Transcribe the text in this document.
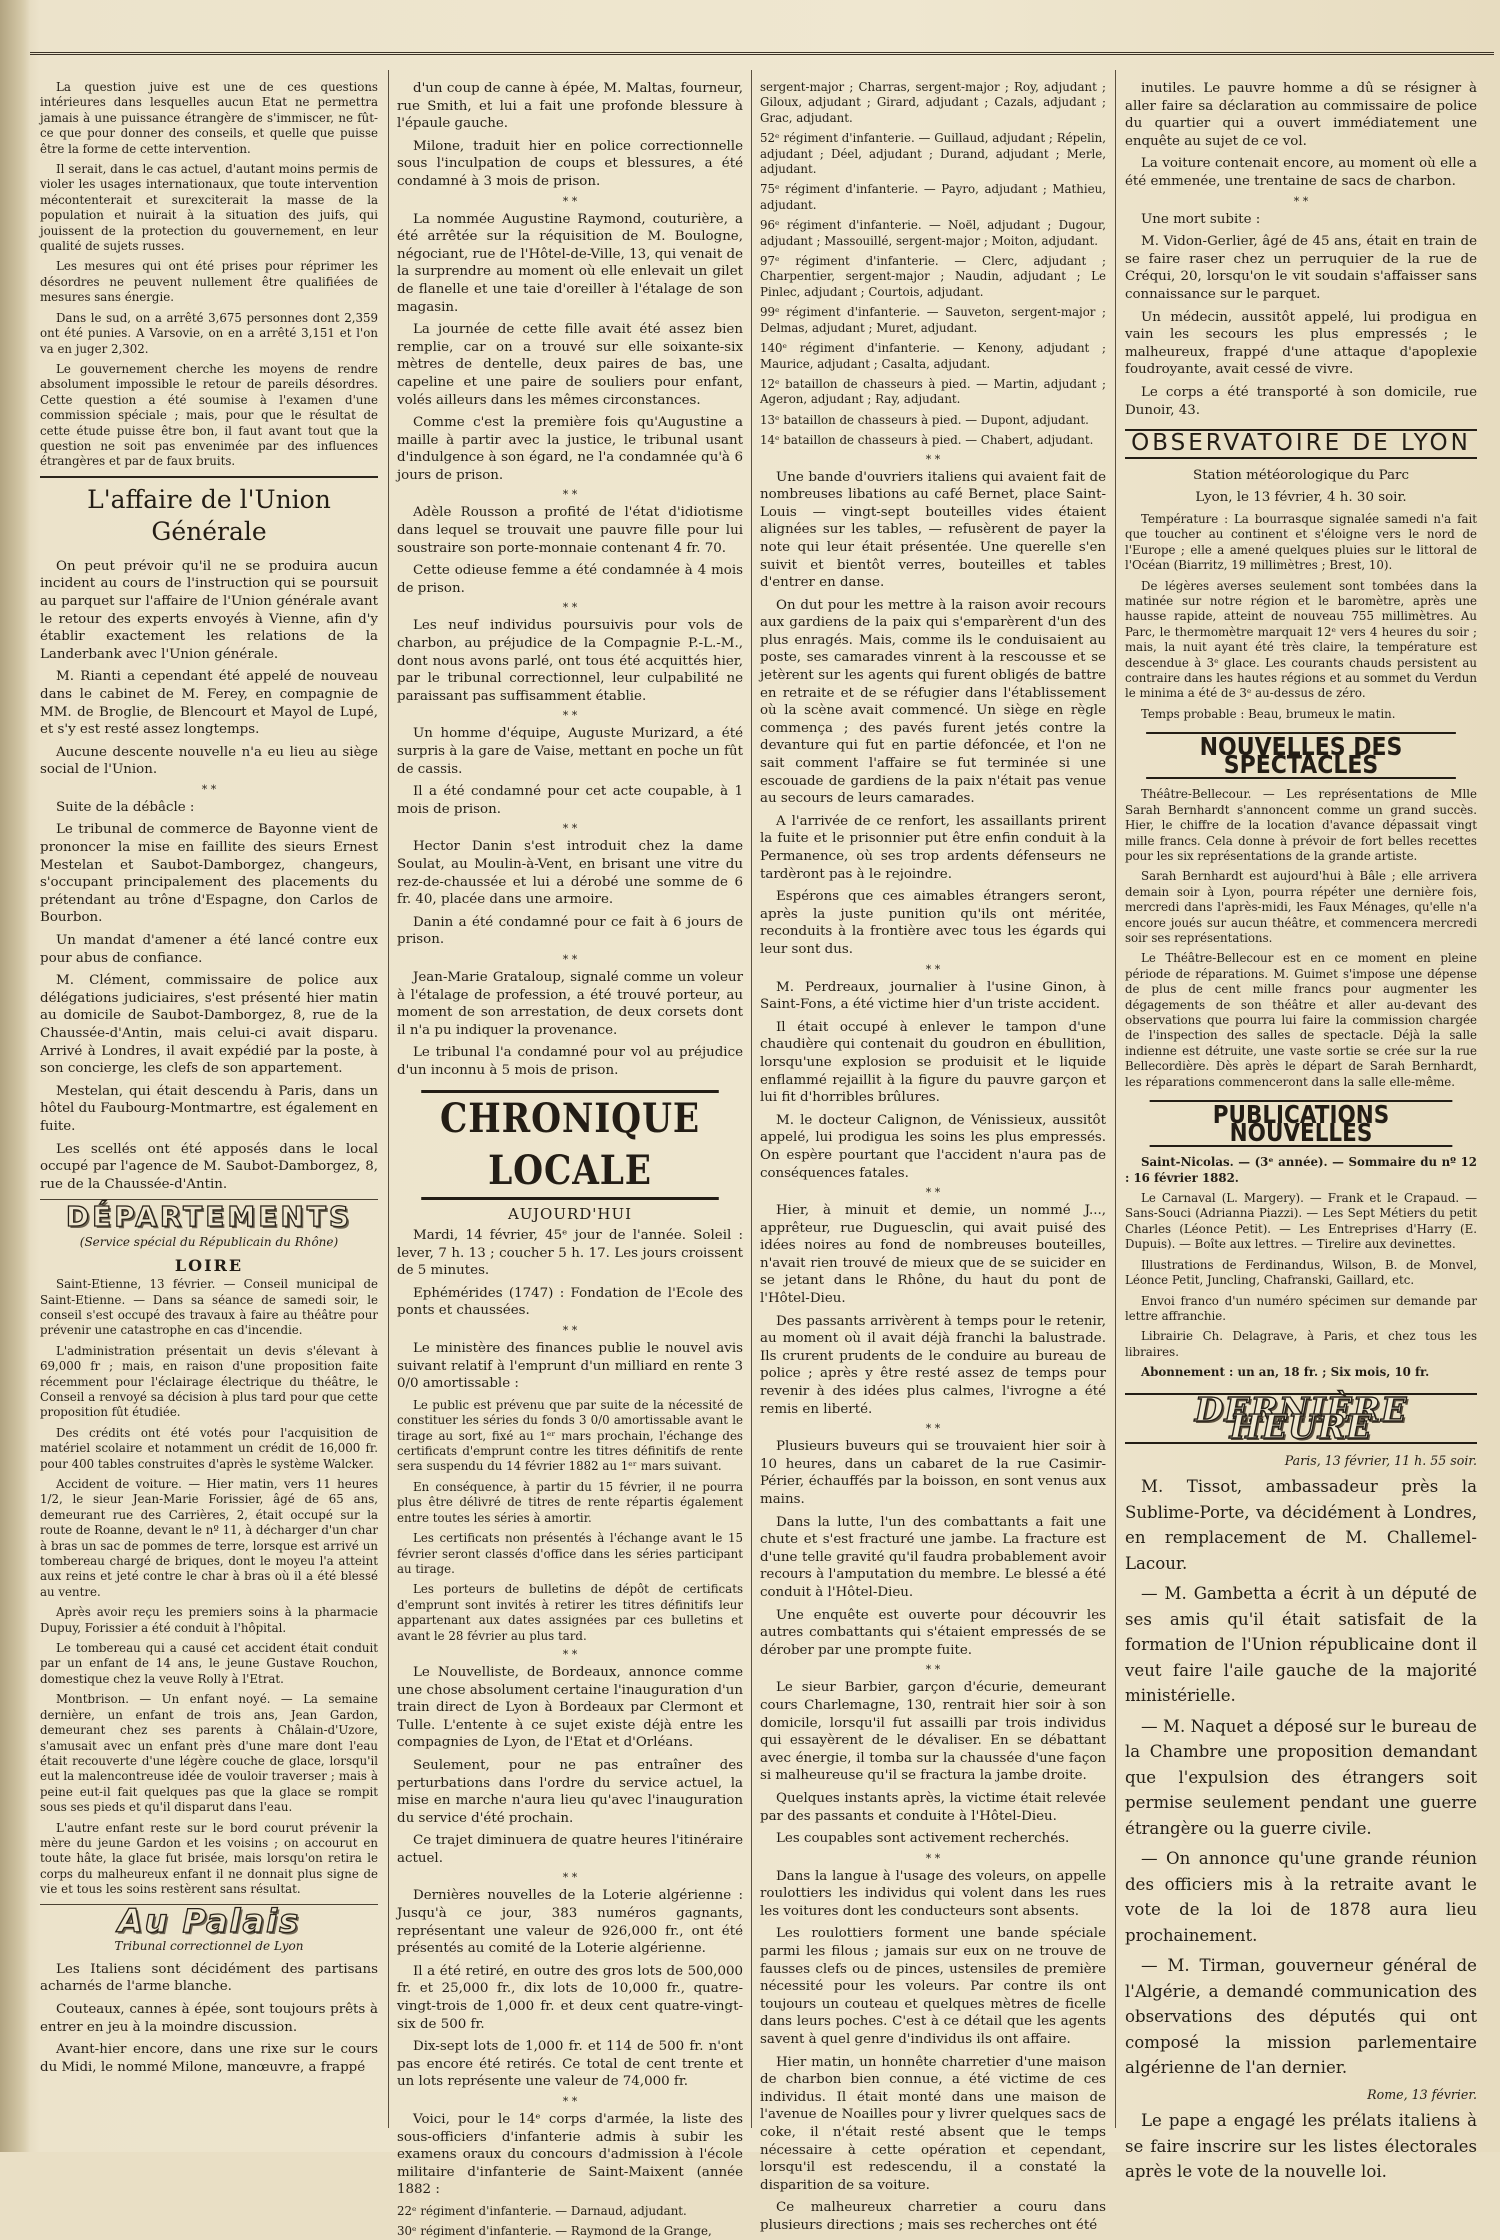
La question juive est une de ces questions intérieures dans lesquelles aucun Etat ne permettra jamais à une puissance étrangère de s'immiscer, ne fût-ce que pour donner des conseils, et quelle que puisse être la forme de cette intervention.

Il serait, dans le cas actuel, d'autant moins permis de violer les usages internationaux, que toute intervention mécontenterait et surexciterait la masse de la population et nuirait à la situation des juifs, qui jouissent de la protection du gouvernement, en leur qualité de sujets russes.

Les mesures qui ont été prises pour réprimer les désordres ne peuvent nullement être qualifiées de mesures sans énergie.

Dans le sud, on a arrêté 3,675 personnes dont 2,359 ont été punies. A Varsovie, on en a arrêté 3,151 et l'on va en juger 2,302.

Le gouvernement cherche les moyens de rendre absolument impossible le retour de pareils désordres. Cette question a été soumise à l'examen d'une commission spéciale ; mais, pour que le résultat de cette étude puisse être bon, il faut avant tout que la question ne soit pas envenimée par des influences étrangères et par de faux bruits.

L'affaire de l'Union Générale

On peut prévoir qu'il ne se produira aucun incident au cours de l'instruction qui se poursuit au parquet sur l'affaire de l'Union générale avant le retour des experts envoyés à Vienne, afin d'y établir exactement les relations de la Landerbank avec l'Union générale.

M. Rianti a cependant été appelé de nouveau dans le cabinet de M. Ferey, en compagnie de MM. de Broglie, de Blencourt et Mayol de Lupé, et s'y est resté assez longtemps.

Aucune descente nouvelle n'a eu lieu au siège social de l'Union.

* *

Suite de la débâcle :

Le tribunal de commerce de Bayonne vient de prononcer la mise en faillite des sieurs Ernest Mestelan et Saubot-Damborgez, changeurs, s'occupant principalement des placements du prétendant au trône d'Espagne, don Carlos de Bourbon.

Un mandat d'amener a été lancé contre eux pour abus de confiance.

M. Clément, commissaire de police aux délégations judiciaires, s'est présenté hier matin au domicile de Saubot-Damborgez, 8, rue de la Chaussée-d'Antin, mais celui-ci avait disparu. Arrivé à Londres, il avait expédié par la poste, à son concierge, les clefs de son appartement.

Mestelan, qui était descendu à Paris, dans un hôtel du Faubourg-Montmartre, est également en fuite.

Les scellés ont été apposés dans le local occupé par l'agence de M. Saubot-Damborgez, 8, rue de la Chaussée-d'Antin.

DÉPARTEMENTS

(Service spécial du Républicain du Rhône)

LOIRE

Saint-Etienne, 13 février. — Conseil municipal de Saint-Etienne. — Dans sa séance de samedi soir, le conseil s'est occupé des travaux à faire au théâtre pour prévenir une catastrophe en cas d'incendie.

L'administration présentait un devis s'élevant à 69,000 fr ; mais, en raison d'une proposition faite récemment pour l'éclairage électrique du théâtre, le Conseil a renvoyé sa décision à plus tard pour que cette proposition fût étudiée.

Des crédits ont été votés pour l'acquisition de matériel scolaire et notamment un crédit de 16,000 fr. pour 400 tables construites d'après le système Walcker.

Accident de voiture. — Hier matin, vers 11 heures 1/2, le sieur Jean-Marie Forissier, âgé de 65 ans, demeurant rue des Carrières, 2, était occupé sur la route de Roanne, devant le nº 11, à décharger d'un char à bras un sac de pommes de terre, lorsque est arrivé un tombereau chargé de briques, dont le moyeu l'a atteint aux reins et jeté contre le char à bras où il a été blessé au ventre.

Après avoir reçu les premiers soins à la pharmacie Dupuy, Forissier a été conduit à l'hôpital.

Le tombereau qui a causé cet accident était conduit par un enfant de 14 ans, le jeune Gustave Rouchon, domestique chez la veuve Rolly à l'Etrat.

Montbrison. — Un enfant noyé. — La semaine dernière, un enfant de trois ans, Jean Gardon, demeurant chez ses parents à Châlain-d'Uzore, s'amusait avec un enfant près d'une mare dont l'eau était recouverte d'une légère couche de glace, lorsqu'il eut la malencontreuse idée de vouloir traverser ; mais à peine eut-il fait quelques pas que la glace se rompit sous ses pieds et qu'il disparut dans l'eau.

L'autre enfant reste sur le bord courut prévenir la mère du jeune Gardon et les voisins ; on accourut en toute hâte, la glace fut brisée, mais lorsqu'on retira le corps du malheureux enfant il ne donnait plus signe de vie et tous les soins restèrent sans résultat.

Au Palais

Tribunal correctionnel de Lyon

Les Italiens sont décidément des partisans acharnés de l'arme blanche.

Couteaux, cannes à épée, sont toujours prêts à entrer en jeu à la moindre discussion.

Avant-hier encore, dans une rixe sur le cours du Midi, le nommé Milone, manœuvre, a frappé

d'un coup de canne à épée, M. Maltas, fourneur, rue Smith, et lui a fait une profonde blessure à l'épaule gauche.

Milone, traduit hier en police correctionnelle sous l'inculpation de coups et blessures, a été condamné à 3 mois de prison.

* *

La nommée Augustine Raymond, couturière, a été arrêtée sur la réquisition de M. Boulogne, négociant, rue de l'Hôtel-de-Ville, 13, qui venait de la surprendre au moment où elle enlevait un gilet de flanelle et une taie d'oreiller à l'étalage de son magasin.

La journée de cette fille avait été assez bien remplie, car on a trouvé sur elle soixante-six mètres de dentelle, deux paires de bas, une capeline et une paire de souliers pour enfant, volés ailleurs dans les mêmes circonstances.

Comme c'est la première fois qu'Augustine a maille à partir avec la justice, le tribunal usant d'indulgence à son égard, ne l'a condamnée qu'à 6 jours de prison.

* *

Adèle Rousson a profité de l'état d'idiotisme dans lequel se trouvait une pauvre fille pour lui soustraire son porte-monnaie contenant 4 fr. 70.

Cette odieuse femme a été condamnée à 4 mois de prison.

* *

Les neuf individus poursuivis pour vols de charbon, au préjudice de la Compagnie P.-L.-M., dont nous avons parlé, ont tous été acquittés hier, par le tribunal correctionnel, leur culpabilité ne paraissant pas suffisamment établie.

* *

Un homme d'équipe, Auguste Murizard, a été surpris à la gare de Vaise, mettant en poche un fût de cassis.

Il a été condamné pour cet acte coupable, à 1 mois de prison.

* *

Hector Danin s'est introduit chez la dame Soulat, au Moulin-à-Vent, en brisant une vitre du rez-de-chaussée et lui a dérobé une somme de 6 fr. 40, placée dans une armoire.

Danin a été condamné pour ce fait à 6 jours de prison.

* *

Jean-Marie Grataloup, signalé comme un voleur à l'étalage de profession, a été trouvé porteur, au moment de son arrestation, de deux corsets dont il n'a pu indiquer la provenance.

Le tribunal l'a condamné pour vol au préjudice d'un inconnu à 5 mois de prison.

CHRONIQUE LOCALE

AUJOURD'HUI

Mardi, 14 février, 45ᵉ jour de l'année. Soleil : lever, 7 h. 13 ; coucher 5 h. 17. Les jours croissent de 5 minutes.

Ephémérides (1747) : Fondation de l'Ecole des ponts et chaussées.

* *

Le ministère des finances publie le nouvel avis suivant relatif à l'emprunt d'un milliard en rente 3 0/0 amortissable :

Le public est prévenu que par suite de la nécessité de constituer les séries du fonds 3 0/0 amortissable avant le tirage au sort, fixé au 1ᵉʳ mars prochain, l'échange des certificats d'emprunt contre les titres définitifs de rente sera suspendu du 14 février 1882 au 1ᵉʳ mars suivant.

En conséquence, à partir du 15 février, il ne pourra plus être délivré de titres de rente répartis également entre toutes les séries à amortir.

Les certificats non présentés à l'échange avant le 15 février seront classés d'office dans les séries participant au tirage.

Les porteurs de bulletins de dépôt de certificats d'emprunt sont invités à retirer les titres définitifs leur appartenant aux dates assignées par ces bulletins et avant le 28 février au plus tard.

* *

Le Nouvelliste, de Bordeaux, annonce comme une chose absolument certaine l'inauguration d'un train direct de Lyon à Bordeaux par Clermont et Tulle. L'entente à ce sujet existe déjà entre les compagnies de Lyon, de l'Etat et d'Orléans.

Seulement, pour ne pas entraîner des perturbations dans l'ordre du service actuel, la mise en marche n'aura lieu qu'avec l'inauguration du service d'été prochain.

Ce trajet diminuera de quatre heures l'itinéraire actuel.

* *

Dernières nouvelles de la Loterie algérienne : Jusqu'à ce jour, 383 numéros gagnants, représentant une valeur de 926,000 fr., ont été présentés au comité de la Loterie algérienne.

Il a été retiré, en outre des gros lots de 500,000 fr. et 25,000 fr., dix lots de 10,000 fr., quatre-vingt-trois de 1,000 fr. et deux cent quatre-vingt-six de 500 fr.

Dix-sept lots de 1,000 fr. et 114 de 500 fr. n'ont pas encore été retirés. Ce total de cent trente et un lots représente une valeur de 74,000 fr.

* *

Voici, pour le 14ᵉ corps d'armée, la liste des sous-officiers d'infanterie admis à subir les examens oraux du concours d'admission à l'école militaire d'infanterie de Saint-Maixent (année 1882 :

22ᵉ régiment d'infanterie. — Darnaud, adjudant.

30ᵉ régiment d'infanterie. — Raymond de la Grange,

sergent-major ; Charras, sergent-major ; Roy, adjudant ; Giloux, adjudant ; Girard, adjudant ; Cazals, adjudant ; Grac, adjudant.

52ᵉ régiment d'infanterie. — Guillaud, adjudant ; Répelin, adjudant ; Déel, adjudant ; Durand, adjudant ; Merle, adjudant.

75ᵉ régiment d'infanterie. — Payro, adjudant ; Mathieu, adjudant.

96ᵉ régiment d'infanterie. — Noël, adjudant ; Dugour, adjudant ; Massouillé, sergent-major ; Moiton, adjudant.

97ᵉ régiment d'infanterie. — Clerc, adjudant ; Charpentier, sergent-major ; Naudin, adjudant ; Le Pinlec, adjudant ; Courtois, adjudant.

99ᵉ régiment d'infanterie. — Sauveton, sergent-major ; Delmas, adjudant ; Muret, adjudant.

140ᵉ régiment d'infanterie. — Kenony, adjudant ; Maurice, adjudant ; Casalta, adjudant.

12ᵉ bataillon de chasseurs à pied. — Martin, adjudant ; Ageron, adjudant ; Ray, adjudant.

13ᵉ bataillon de chasseurs à pied. — Dupont, adjudant.

14ᵉ bataillon de chasseurs à pied. — Chabert, adjudant.

* *

Une bande d'ouvriers italiens qui avaient fait de nombreuses libations au café Bernet, place Saint-Louis — vingt-sept bouteilles vides étaient alignées sur les tables, — refusèrent de payer la note qui leur était présentée. Une querelle s'en suivit et bientôt verres, bouteilles et tables d'entrer en danse.

On dut pour les mettre à la raison avoir recours aux gardiens de la paix qui s'emparèrent d'un des plus enragés. Mais, comme ils le conduisaient au poste, ses camarades vinrent à la rescousse et se jetèrent sur les agents qui furent obligés de battre en retraite et de se réfugier dans l'établissement où la scène avait commencé. Un siège en règle commença ; des pavés furent jetés contre la devanture qui fut en partie défoncée, et l'on ne sait comment l'affaire se fut terminée si une escouade de gardiens de la paix n'était pas venue au secours de leurs camarades.

A l'arrivée de ce renfort, les assaillants prirent la fuite et le prisonnier put être enfin conduit à la Permanence, où ses trop ardents défenseurs ne tardèront pas à le rejoindre.

Espérons que ces aimables étrangers seront, après la juste punition qu'ils ont méritée, reconduits à la frontière avec tous les égards qui leur sont dus.

* *

M. Perdreaux, journalier à l'usine Ginon, à Saint-Fons, a été victime hier d'un triste accident.

Il était occupé à enlever le tampon d'une chaudière qui contenait du goudron en ébullition, lorsqu'une explosion se produisit et le liquide enflammé rejaillit à la figure du pauvre garçon et lui fit d'horribles brûlures.

M. le docteur Calignon, de Vénissieux, aussitôt appelé, lui prodigua les soins les plus empressés. On espère pourtant que l'accident n'aura pas de conséquences fatales.

* *

Hier, à minuit et demie, un nommé J..., apprêteur, rue Duguesclin, qui avait puisé des idées noires au fond de nombreuses bouteilles, n'avait rien trouvé de mieux que de se suicider en se jetant dans le Rhône, du haut du pont de l'Hôtel-Dieu.

Des passants arrivèrent à temps pour le retenir, au moment où il avait déjà franchi la balustrade. Ils crurent prudents de le conduire au bureau de police ; après y être resté assez de temps pour revenir à des idées plus calmes, l'ivrogne a été remis en liberté.

* *

Plusieurs buveurs qui se trouvaient hier soir à 10 heures, dans un cabaret de la rue Casimir-Périer, échauffés par la boisson, en sont venus aux mains.

Dans la lutte, l'un des combattants a fait une chute et s'est fracturé une jambe. La fracture est d'une telle gravité qu'il faudra probablement avoir recours à l'amputation du membre. Le blessé a été conduit à l'Hôtel-Dieu.

Une enquête est ouverte pour découvrir les autres combattants qui s'étaient empressés de se dérober par une prompte fuite.

* *

Le sieur Barbier, garçon d'écurie, demeurant cours Charlemagne, 130, rentrait hier soir à son domicile, lorsqu'il fut assailli par trois individus qui essayèrent de le dévaliser. En se débattant avec énergie, il tomba sur la chaussée d'une façon si malheureuse qu'il se fractura la jambe droite.

Quelques instants après, la victime était relevée par des passants et conduite à l'Hôtel-Dieu.

Les coupables sont activement recherchés.

* *

Dans la langue à l'usage des voleurs, on appelle roulottiers les individus qui volent dans les rues les voitures dont les conducteurs sont absents.

Les roulottiers forment une bande spéciale parmi les filous ; jamais sur eux on ne trouve de fausses clefs ou de pinces, ustensiles de première nécessité pour les voleurs. Par contre ils ont toujours un couteau et quelques mètres de ficelle dans leurs poches. C'est à ce détail que les agents savent à quel genre d'individus ils ont affaire.

Hier matin, un honnête charretier d'une maison de charbon bien connue, a été victime de ces individus. Il était monté dans une maison de l'avenue de Noailles pour y livrer quelques sacs de coke, il n'était resté absent que le temps nécessaire à cette opération et cependant, lorsqu'il est redescendu, il a constaté la disparition de sa voiture.

Ce malheureux charretier a couru dans plusieurs directions ; mais ses recherches ont été

inutiles. Le pauvre homme a dû se résigner à aller faire sa déclaration au commissaire de police du quartier qui a ouvert immédiatement une enquête au sujet de ce vol.

La voiture contenait encore, au moment où elle a été emmenée, une trentaine de sacs de charbon.

* *

Une mort subite :

M. Vidon-Gerlier, âgé de 45 ans, était en train de se faire raser chez un perruquier de la rue de Créqui, 20, lorsqu'on le vit soudain s'affaisser sans connaissance sur le parquet.

Un médecin, aussitôt appelé, lui prodigua en vain les secours les plus empressés ; le malheureux, frappé d'une attaque d'apoplexie foudroyante, avait cessé de vivre.

Le corps a été transporté à son domicile, rue Dunoir, 43.

OBSERVATOIRE DE LYON

Station météorologique du Parc

Lyon, le 13 février, 4 h. 30 soir.

Température : La bourrasque signalée samedi n'a fait que toucher au continent et s'éloigne vers le nord de l'Europe ; elle a amené quelques pluies sur le littoral de l'Océan (Biarritz, 19 millimètres ; Brest, 10).

De légères averses seulement sont tombées dans la matinée sur notre région et le baromètre, après une hausse rapide, atteint de nouveau 755 millimètres. Au Parc, le thermomètre marquait 12ᵉ vers 4 heures du soir ; mais, la nuit ayant été très claire, la température est descendue à 3ᵉ glace. Les courants chauds persistent au contraire dans les hautes régions et au sommet du Verdun le minima a été de 3ᵉ au-dessus de zéro.

Temps probable : Beau, brumeux le matin.

NOUVELLES DES SPECTACLES

Théâtre-Bellecour. — Les représentations de Mlle Sarah Bernhardt s'annoncent comme un grand succès. Hier, le chiffre de la location d'avance dépassait vingt mille francs. Cela donne à prévoir de fort belles recettes pour les six représentations de la grande artiste.

Sarah Bernhardt est aujourd'hui à Bâle ; elle arrivera demain soir à Lyon, pourra répéter une dernière fois, mercredi dans l'après-midi, les Faux Ménages, qu'elle n'a encore joués sur aucun théâtre, et commencera mercredi soir ses représentations.

Le Théâtre-Bellecour est en ce moment en pleine période de réparations. M. Guimet s'impose une dépense de plus de cent mille francs pour augmenter les dégagements de son théâtre et aller au-devant des observations que pourra lui faire la commission chargée de l'inspection des salles de spectacle. Déjà la salle indienne est détruite, une vaste sortie se crée sur la rue Bellecordière. Dès après le départ de Sarah Bernhardt, les réparations commenceront dans la salle elle-même.

PUBLICATIONS NOUVELLES

Saint-Nicolas. — (3ᵉ année). — Sommaire du nº 12 : 16 février 1882.

Le Carnaval (L. Margery). — Frank et le Crapaud. — Sans-Souci (Adrianna Piazzi). — Les Sept Métiers du petit Charles (Léonce Petit). — Les Entreprises d'Harry (E. Dupuis). — Boîte aux lettres. — Tirelire aux devinettes.

Illustrations de Ferdinandus, Wilson, B. de Monvel, Léonce Petit, Juncling, Chafranski, Gaillard, etc.

Envoi franco d'un numéro spécimen sur demande par lettre affranchie.

Librairie Ch. Delagrave, à Paris, et chez tous les libraires.

Abonnement : un an, 18 fr. ; Six mois, 10 fr.

DERNIÈRE HEURE

Paris, 13 février, 11 h. 55 soir.

M. Tissot, ambassadeur près la Sublime-Porte, va décidément à Londres, en remplacement de M. Challemel-Lacour.

— M. Gambetta a écrit à un député de ses amis qu'il était satisfait de la formation de l'Union républicaine dont il veut faire l'aile gauche de la majorité ministérielle.

— M. Naquet a déposé sur le bureau de la Chambre une proposition demandant que l'expulsion des étrangers soit permise seulement pendant une guerre étrangère ou la guerre civile.

— On annonce qu'une grande réunion des officiers mis à la retraite avant le vote de la loi de 1878 aura lieu prochainement.

— M. Tirman, gouverneur général de l'Algérie, a demandé communication des observations des députés qui ont composé la mission parlementaire algérienne de l'an dernier.

Rome, 13 février.

Le pape a engagé les prélats italiens à se faire inscrire sur les listes électorales après le vote de la nouvelle loi.
